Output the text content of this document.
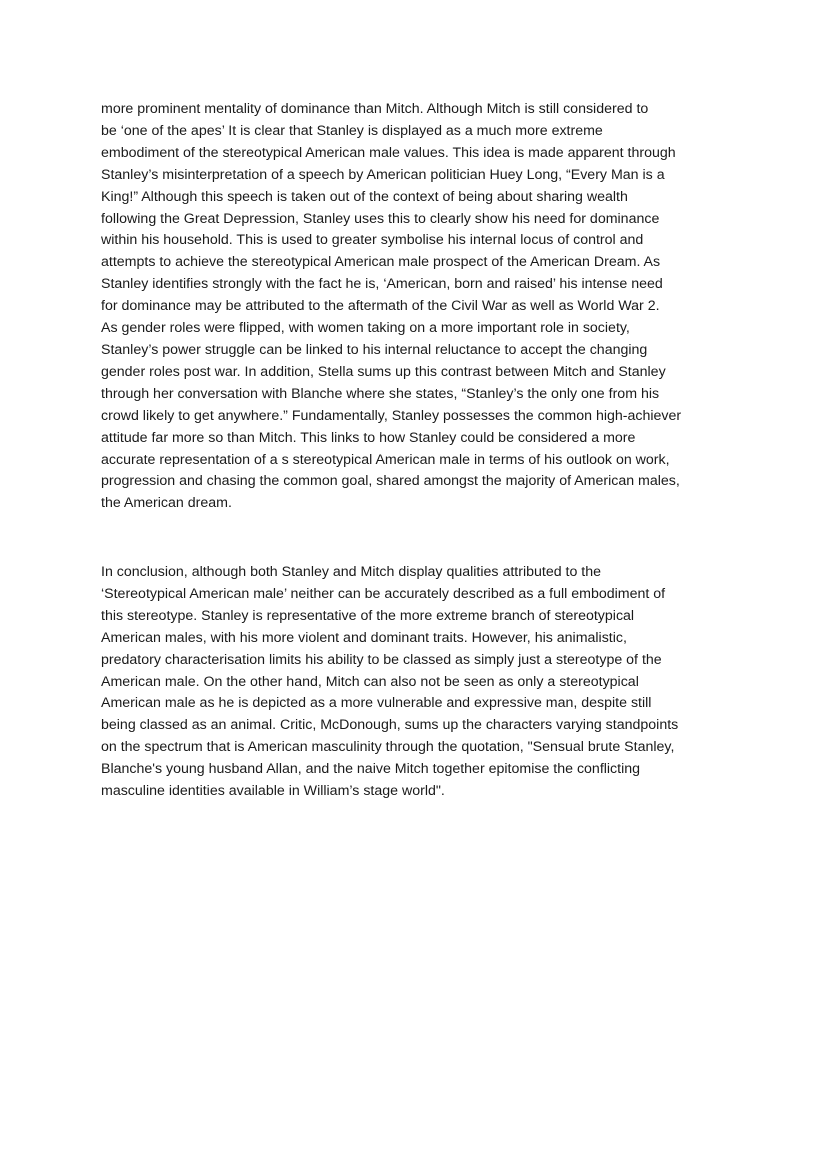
more prominent mentality of dominance than Mitch. Although Mitch is still considered to
be ‘one of the apes’ It is clear that Stanley is displayed as a much more extreme
embodiment of the stereotypical American male values. This idea is made apparent through
Stanley’s misinterpretation of a speech by American politician Huey Long, “Every Man is a
King!” Although this speech is taken out of the context of being about sharing wealth
following the Great Depression, Stanley uses this to clearly show his need for dominance
within his household. This is used to greater symbolise his internal locus of control and
attempts to achieve the stereotypical American male prospect of the American Dream. As
Stanley identifies strongly with the fact he is, ‘American, born and raised’ his intense need
for dominance may be attributed to the aftermath of the Civil War as well as World War 2.
As gender roles were flipped, with women taking on a more important role in society,
Stanley’s power struggle can be linked to his internal reluctance to accept the changing
gender roles post war. In addition, Stella sums up this contrast between Mitch and Stanley
through her conversation with Blanche where she states, “Stanley’s the only one from his
crowd likely to get anywhere.” Fundamentally, Stanley possesses the common high-achiever
attitude far more so than Mitch. This links to how Stanley could be considered a more
accurate representation of a s stereotypical American male in terms of his outlook on work,
progression and chasing the common goal, shared amongst the majority of American males,
the American dream.
In conclusion, although both Stanley and Mitch display qualities attributed to the
‘Stereotypical American male’ neither can be accurately described as a full embodiment of
this stereotype. Stanley is representative of the more extreme branch of stereotypical
American males, with his more violent and dominant traits. However, his animalistic,
predatory characterisation limits his ability to be classed as simply just a stereotype of the
American male. On the other hand, Mitch can also not be seen as only a stereotypical
American male as he is depicted as a more vulnerable and expressive man, despite still
being classed as an animal. Critic, McDonough, sums up the characters varying standpoints
on the spectrum that is American masculinity through the quotation, "Sensual brute Stanley,
Blanche's young husband Allan, and the naive Mitch together epitomise the conflicting
masculine identities available in William’s stage world".
